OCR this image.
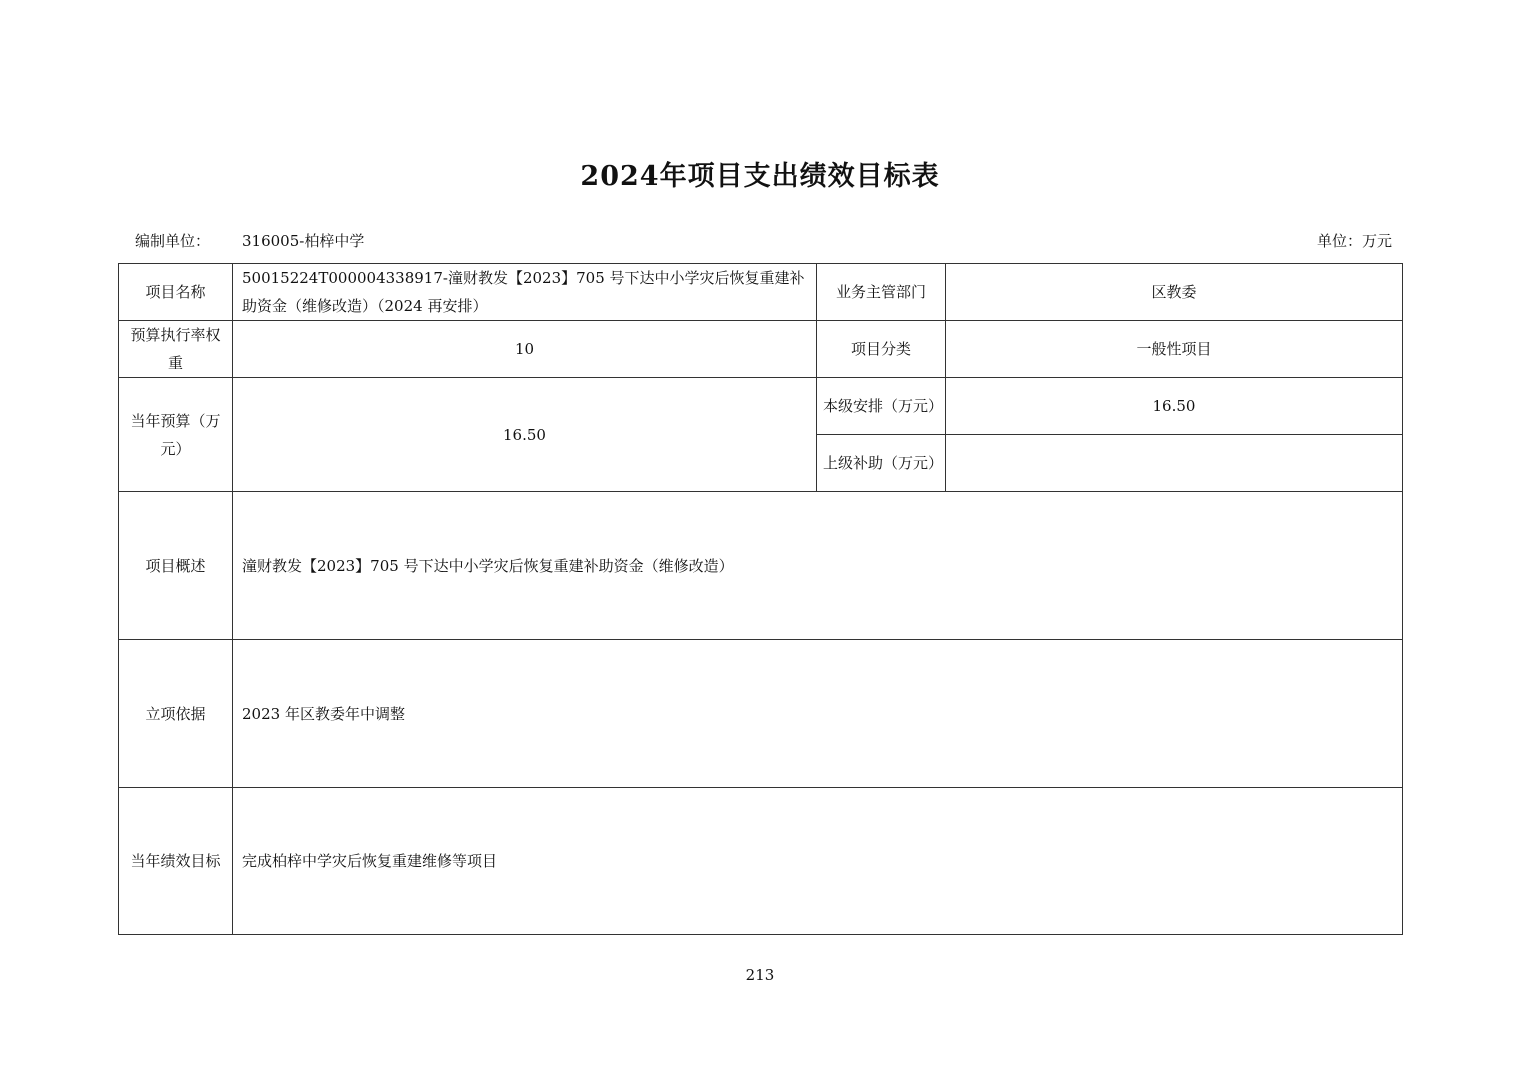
2024年项目支出绩效目标表
编制单位： 316005-柏梓中学	单位：万元
项目名称	50015224T000004338917-潼财教发【2023】705 号下达中小学灾后恢复重建补助资金（维修改造）（2024 再安排）	业务主管部门	区教委
预算执行率权重	10	项目分类	一般性项目
当年预算（万元）	16.50	本级安排（万元）	16.50
		上级补助（万元）	
项目概述	潼财教发【2023】705 号下达中小学灾后恢复重建补助资金（维修改造）		
立项依据	2023 年区教委年中调整		
当年绩效目标	完成柏梓中学灾后恢复重建维修等项目		
213
